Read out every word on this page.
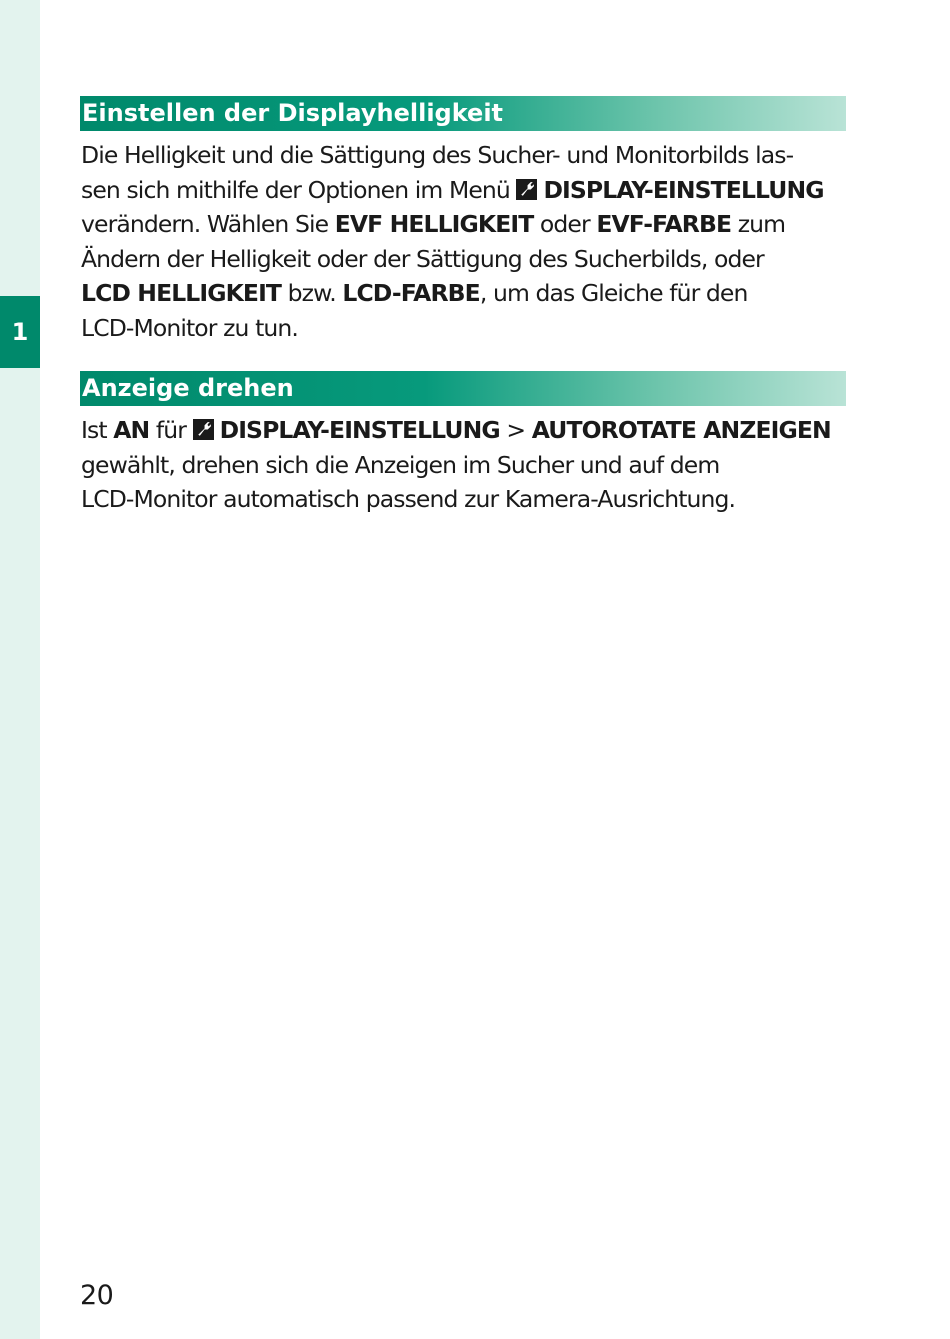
1
Einstellen der Displayhelligkeit
Die Helligkeit und die Sättigung des Sucher- und Monitorbilds las-
sen sich mithilfe der Optionen im Menü DISPLAY-EINSTELLUNG
verändern. Wählen Sie EVF HELLIGKEIT oder EVF-FARBE zum
Ändern der Helligkeit oder der Sättigung des Sucherbilds, oder
LCD HELLIGKEIT bzw. LCD-FARBE, um das Gleiche für den
LCD-Monitor zu tun.
Anzeige drehen
Ist AN für DISPLAY-EINSTELLUNG > AUTOROTATE ANZEIGEN
gewählt, drehen sich die Anzeigen im Sucher und auf dem
LCD-Monitor automatisch passend zur Kamera-Ausrichtung.
20
